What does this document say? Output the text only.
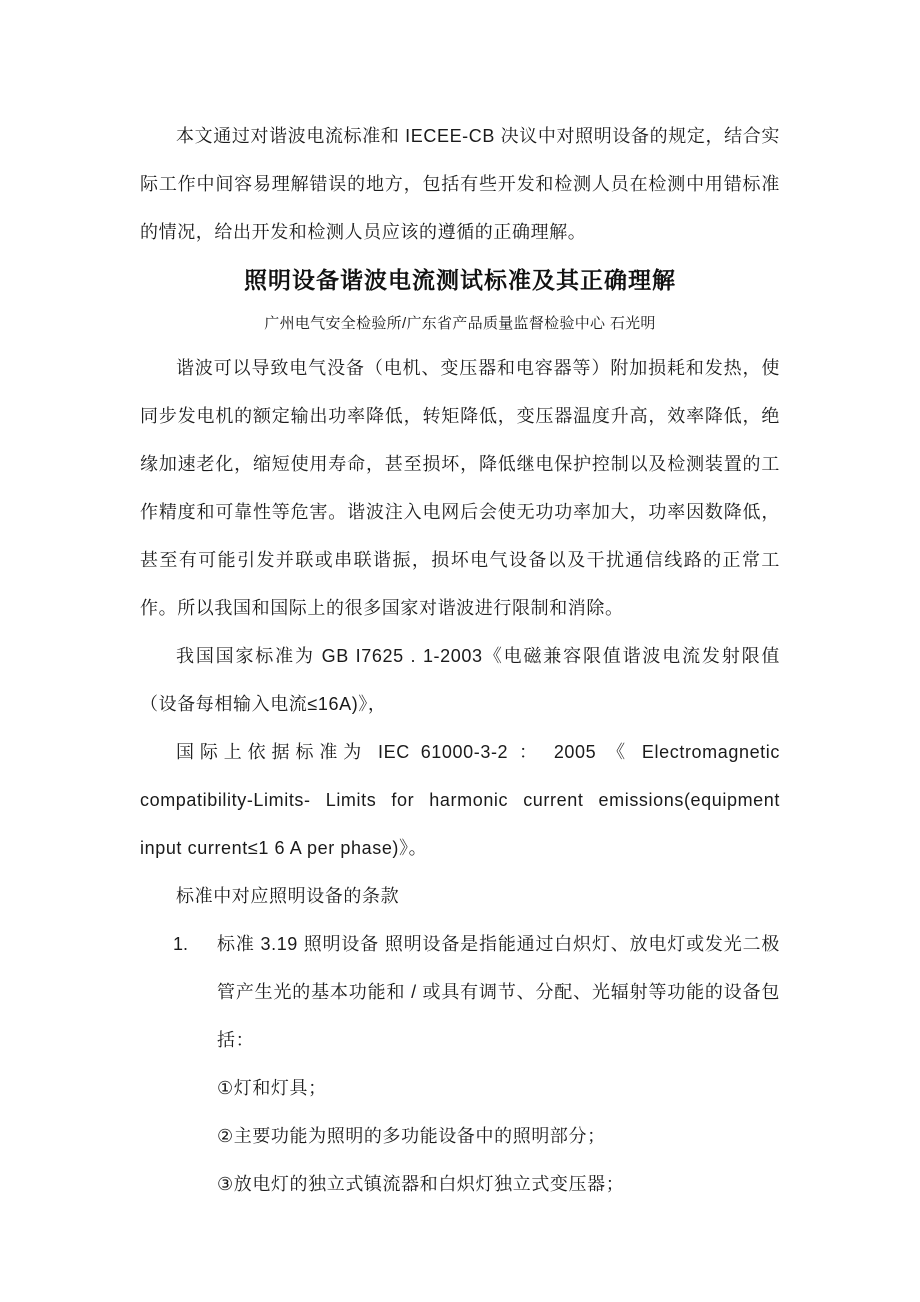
本文通过对谐波电流标准和 IECEE-CB 决议中对照明设备的规定，结合实际工作中间容易理解错误的地方，包括有些开发和检测人员在检测中用错标准的情况，给出开发和检测人员应该的遵循的正确理解。

照明设备谐波电流测试标准及其正确理解
广州电气安全检验所/广东省产品质量监督检验中心 石光明

谐波可以导致电气没备（电机、变压器和电容器等）附加损耗和发热，使同步发电机的额定输出功率降低，转矩降低，变压器温度升高，效率降低，绝缘加速老化，缩短使用寿命，甚至损坏，降低继电保护控制以及检测装置的工作精度和可靠性等危害。谐波注入电网后会使无功功率加大，功率因数降低，甚至有可能引发并联或串联谐振，损坏电气设备以及干扰通信线路的正常工作。所以我国和国际上的很多国家对谐波进行限制和消除。

我国国家标准为 GB I7625 . 1-2003《电磁兼容限值谐波电流发射限值（设备每相输入电流≤16A)》，

国际上依据标准为 IEC 61000-3-2 ： 2005 《 Electromagnetic compatibility-Limits- Limits for harmonic current emissions(equipment input current≤1 6 A per phase)》。

标准中对应照明设备的条款

1.	标准 3.19 照明设备 照明设备是指能通过白炽灯、放电灯或发光二极管产生光的基本功能和 / 或具有调节、分配、光辐射等功能的设备包括：

①灯和灯具；

②主要功能为照明的多功能设备中的照明部分；

③放电灯的独立式镇流器和白炽灯独立式变压器；
